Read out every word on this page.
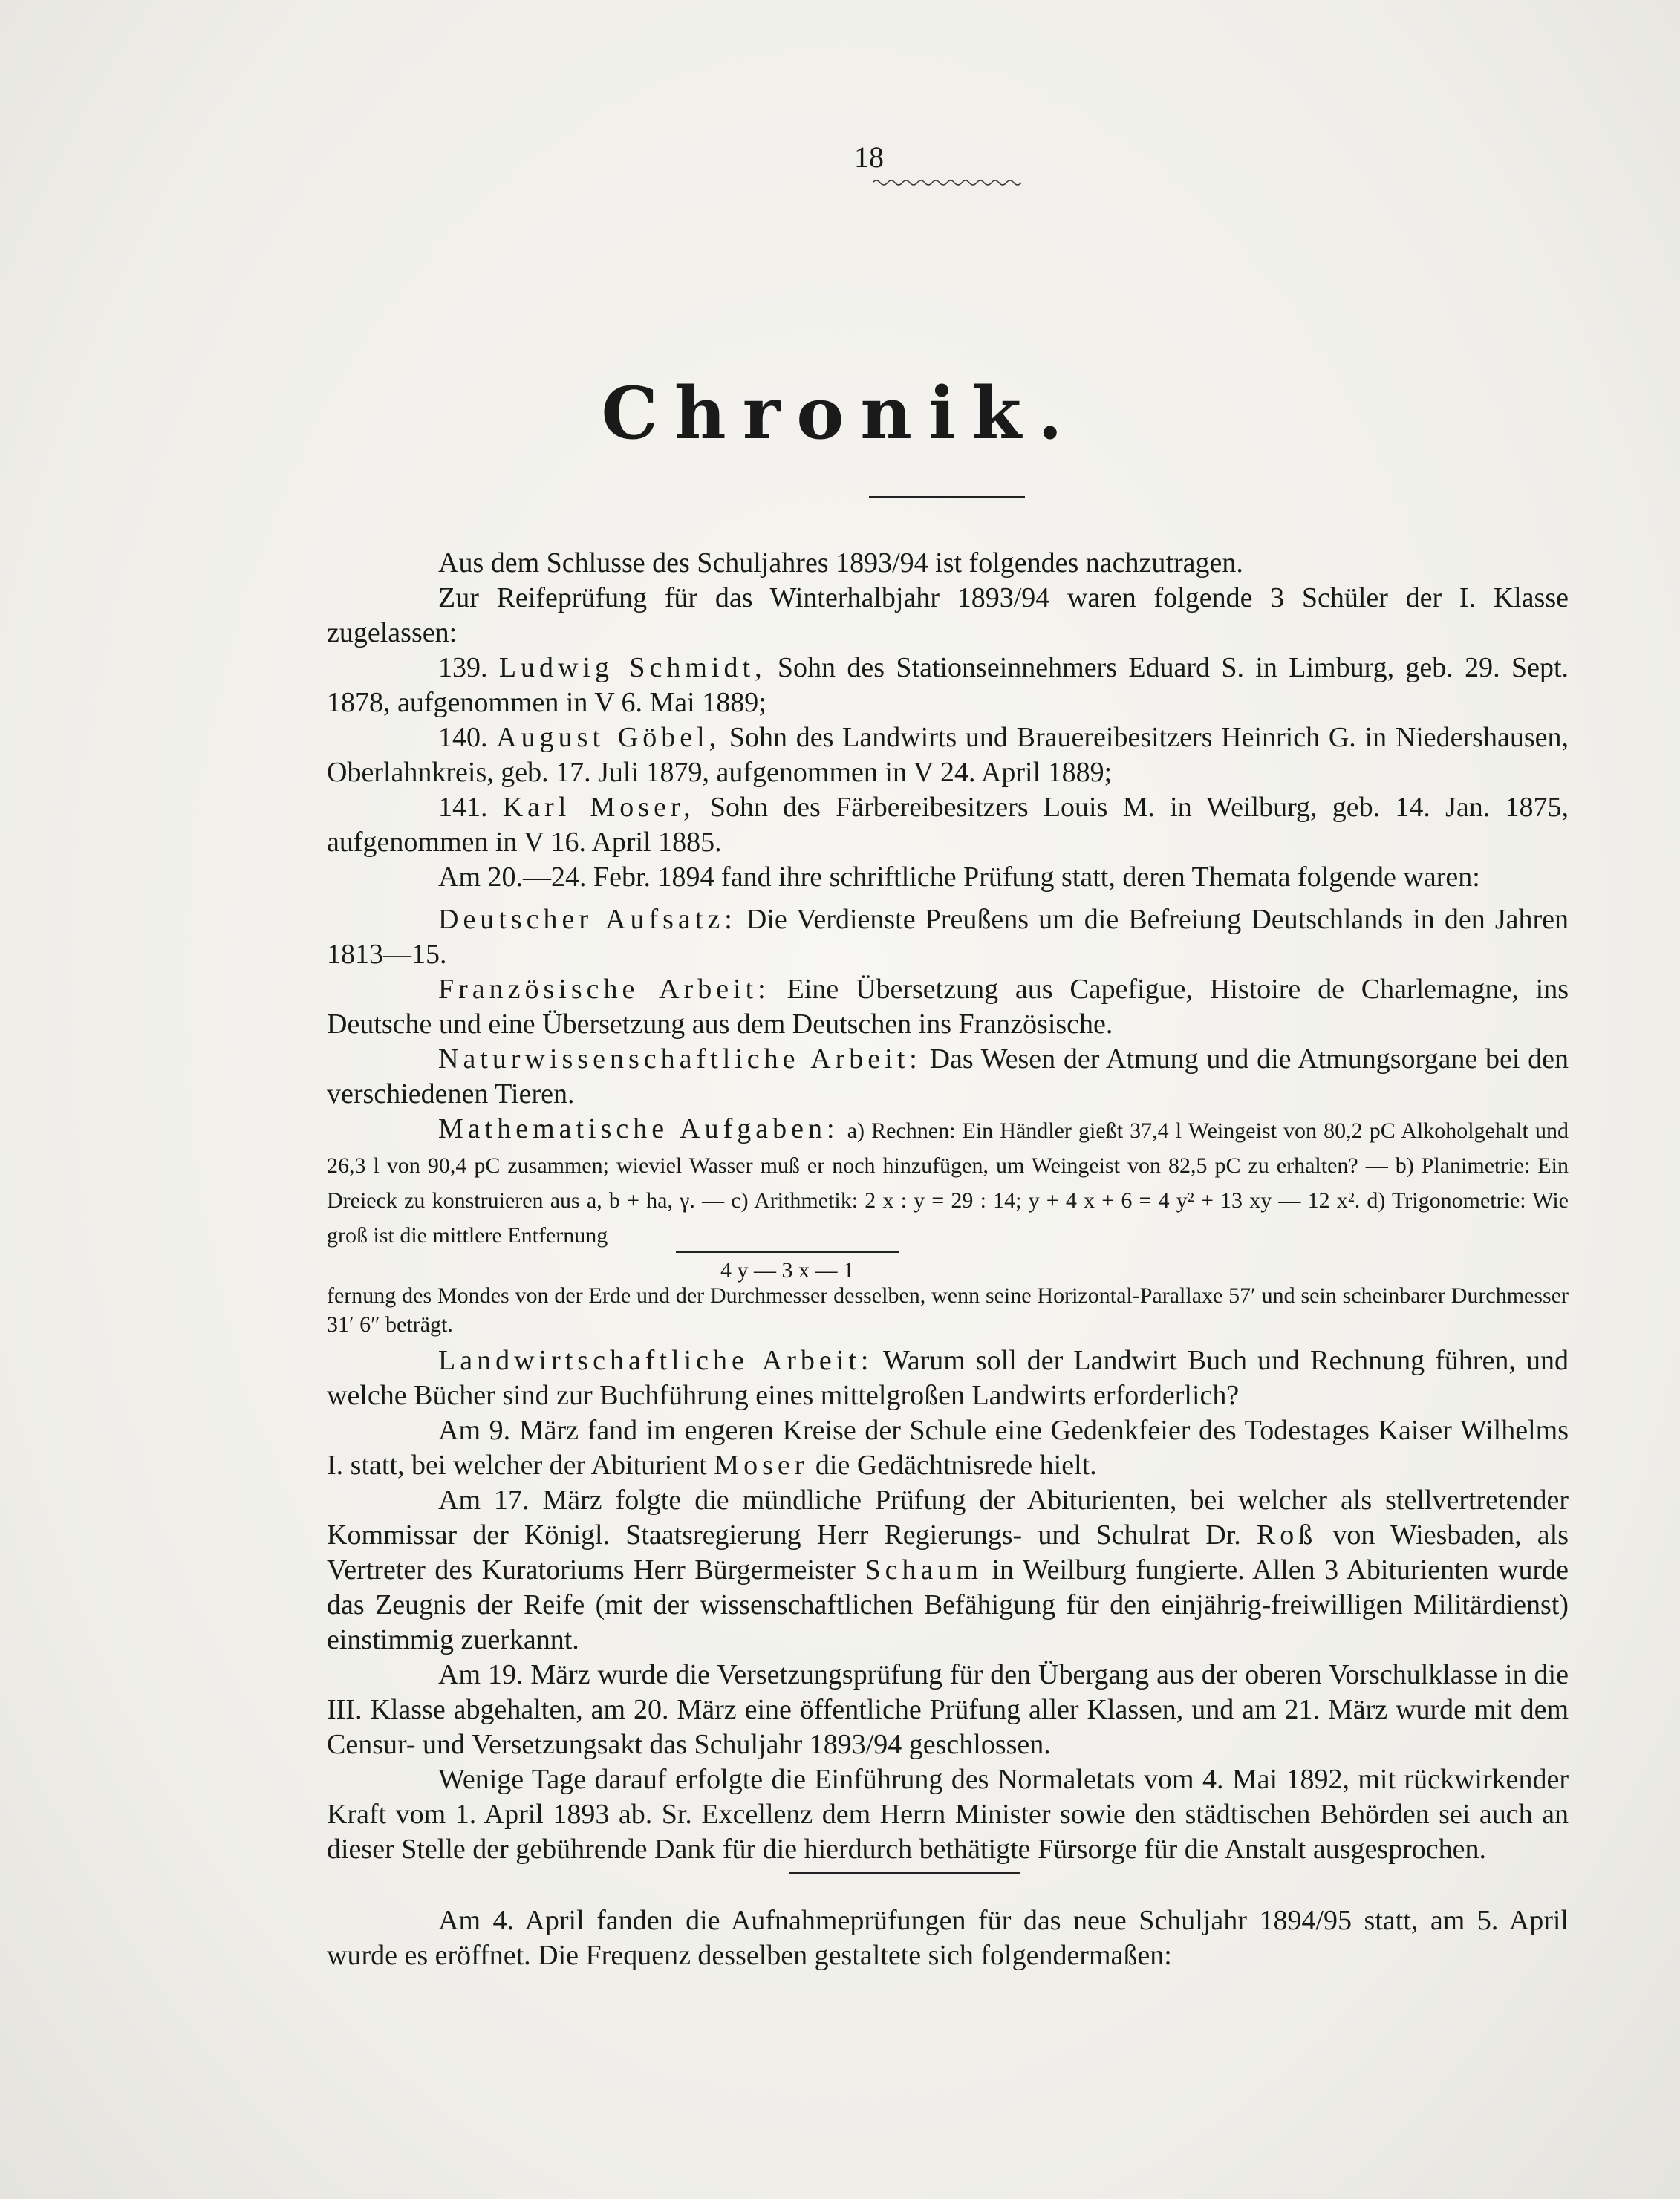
18
Chronik.

Aus dem Schlusse des Schuljahres 1893/94 ist folgendes nachzutragen.

Zur Reifeprüfung für das Winterhalbjahr 1893/94 waren folgende 3 Schüler der I. Klasse zugelassen:

139. Ludwig Schmidt, Sohn des Stationseinnehmers Eduard S. in Limburg, geb. 29. Sept. 1878, aufgenommen in V 6. Mai 1889;

140. August Göbel, Sohn des Landwirts und Brauereibesitzers Heinrich G. in Niedershausen, Oberlahnkreis, geb. 17. Juli 1879, aufgenommen in V 24. April 1889;

141. Karl Moser, Sohn des Färbereibesitzers Louis M. in Weilburg, geb. 14. Jan. 1875, aufgenommen in V 16. April 1885.

Am 20.—24. Febr. 1894 fand ihre schriftliche Prüfung statt, deren Themata folgende waren:

Deutscher Aufsatz: Die Verdienste Preußens um die Befreiung Deutschlands in den Jahren 1813—15.

Französische Arbeit: Eine Übersetzung aus Capefigue, Histoire de Charlemagne, ins Deutsche und eine Übersetzung aus dem Deutschen ins Französische.

Naturwissenschaftliche Arbeit: Das Wesen der Atmung und die Atmungsorgane bei den verschiedenen Tieren.

Mathematische Aufgaben: a) Rechnen: Ein Händler gießt 37,4 l Weingeist von 80,2 pC Alkoholgehalt und 26,3 l von 90,4 pC zusammen; wieviel Wasser muß er noch hinzufügen, um Weingeist von 82,5 pC zu erhalten? — b) Planimetrie: Ein Dreieck zu konstruieren aus a, b + ha, γ. — c) Arithmetik: 2 x : y = 29 : 14; y + 4 x + 6 = 4 y² + 13 xy — 12 x². d) Trigonometrie: Wie groß ist die mittlere Entfernung

4 y — 3 x — 1

fernung des Mondes von der Erde und der Durchmesser desselben, wenn seine Horizontal-Parallaxe 57′ und sein scheinbarer Durchmesser 31′ 6″ beträgt.

Landwirtschaftliche Arbeit: Warum soll der Landwirt Buch und Rechnung führen, und welche Bücher sind zur Buchführung eines mittelgroßen Landwirts erforderlich?

Am 9. März fand im engeren Kreise der Schule eine Gedenkfeier des Todestages Kaiser Wilhelms I. statt, bei welcher der Abiturient Moser die Gedächtnisrede hielt.

Am 17. März folgte die mündliche Prüfung der Abiturienten, bei welcher als stellvertretender Kommissar der Königl. Staatsregierung Herr Regierungs- und Schulrat Dr. Roß von Wiesbaden, als Vertreter des Kuratoriums Herr Bürgermeister Schaum in Weilburg fungierte. Allen 3 Abiturienten wurde das Zeugnis der Reife (mit der wissenschaftlichen Befähigung für den einjährig-freiwilligen Militärdienst) einstimmig zuerkannt.

Am 19. März wurde die Versetzungsprüfung für den Übergang aus der oberen Vorschulklasse in die III. Klasse abgehalten, am 20. März eine öffentliche Prüfung aller Klassen, und am 21. März wurde mit dem Censur- und Versetzungsakt das Schuljahr 1893/94 geschlossen.

Wenige Tage darauf erfolgte die Einführung des Normaletats vom 4. Mai 1892, mit rückwirkender Kraft vom 1. April 1893 ab. Sr. Excellenz dem Herrn Minister sowie den städtischen Behörden sei auch an dieser Stelle der gebührende Dank für die hierdurch bethätigte Fürsorge für die Anstalt ausgesprochen.

Am 4. April fanden die Aufnahmeprüfungen für das neue Schuljahr 1894/95 statt, am 5. April wurde es eröffnet. Die Frequenz desselben gestaltete sich folgendermaßen:
